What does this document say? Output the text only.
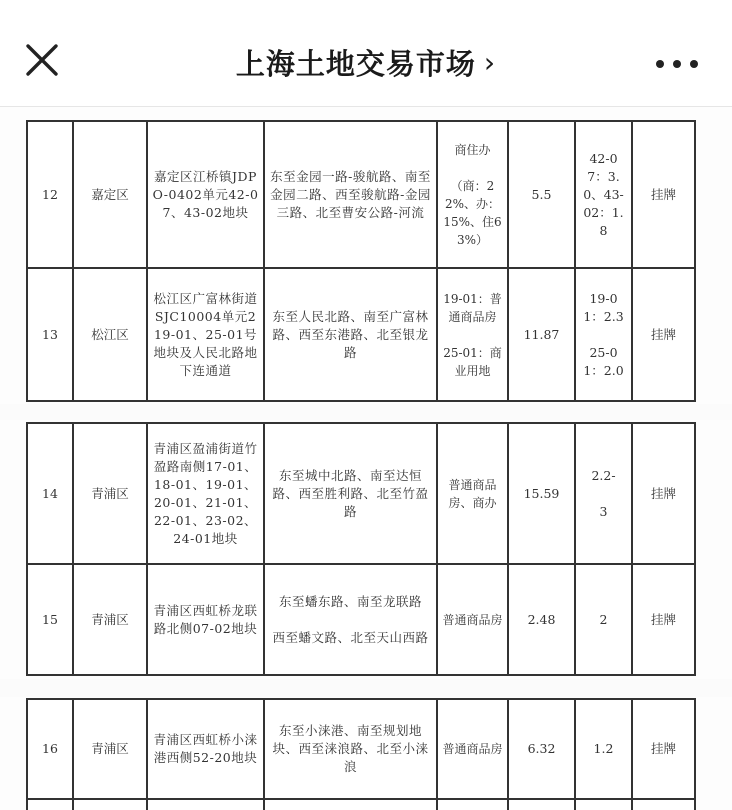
上海土地交易市场 ›
12	嘉定区	嘉定区江桥镇JDPO-0402单元42-07、43-02地块	东至金园一路-骏航路、南至金园二路、西至骏航路-金园三路、北至曹安公路-河流	商住办

（商：22%、办：15%、住63%）	5.5	42-07：3.0、43-02：1.8	挂牌
13	松江区	松江区广富林街道SJC10004单元219-01、25-01号地块及人民北路地下连通道	东至人民北路、南至广富林路、西至东港路、北至银龙路	19-01：普通商品房

25-01：商业用地	11.87	19-01：2.3

25-01：2.0	挂牌
14	青浦区	青浦区盈浦街道竹盈路南侧17-01、18-01、19-01、20-01、21-01、22-01、23-02、24-01地块	东至城中北路、南至达恒路、西至胜利路、北至竹盈路	普通商品房、商办	15.59	2.2-

3	挂牌
15	青浦区	青浦区西虹桥龙联路北侧07-02地块	东至蟠东路、南至龙联路

西至蟠文路、北至天山西路	普通商品房	2.48	2	挂牌
16	青浦区	青浦区西虹桥小涞港西侧52-20地块	东至小涞港、南至规划地块、西至涞浪路、北至小涞浪	普通商品房	6.32	1.2	挂牌
